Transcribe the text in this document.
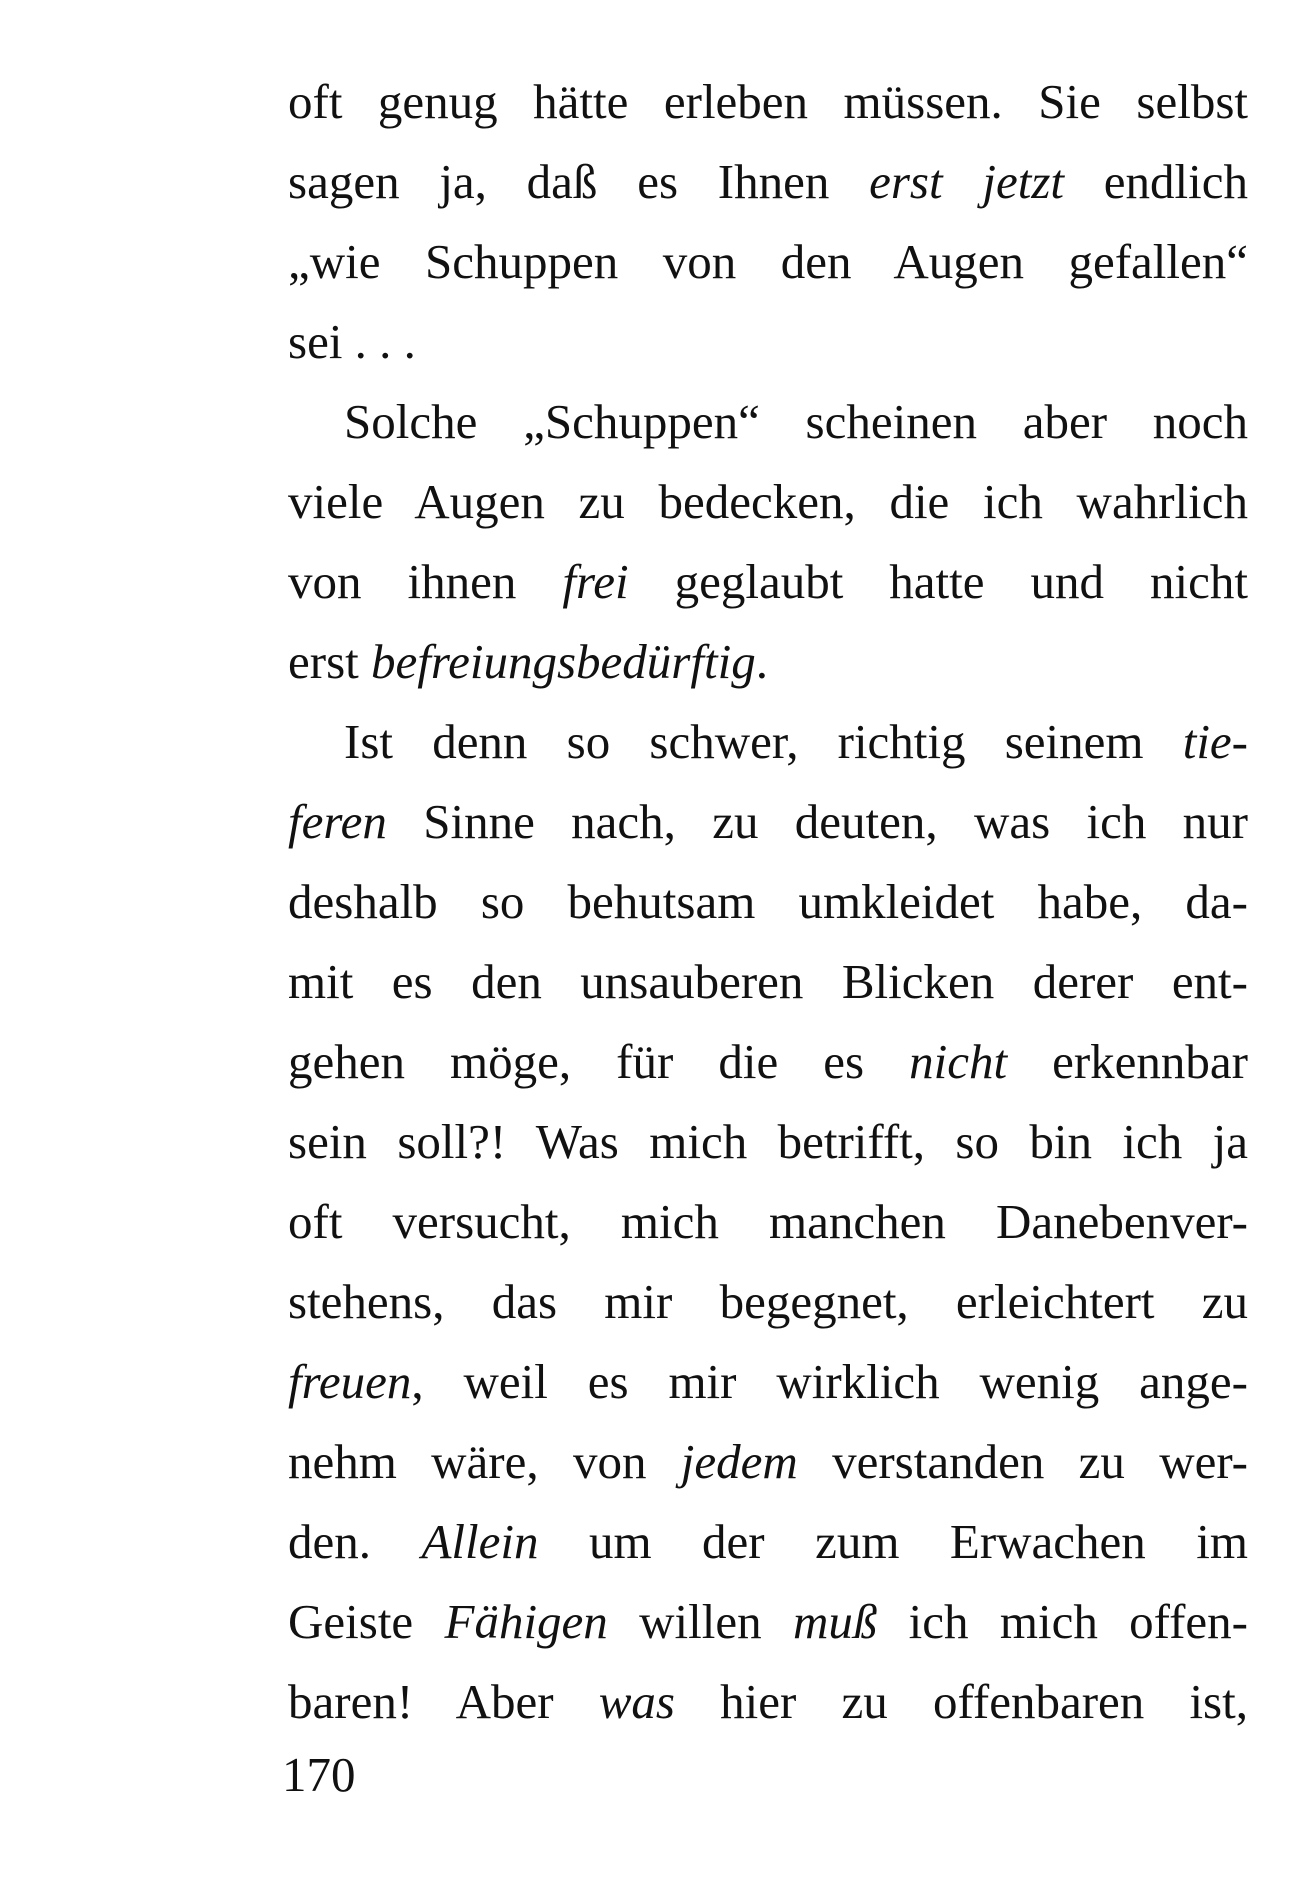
oft genug hätte erleben müssen. Sie selbst
sagen ja, daß es Ihnen erst jetzt endlich
„wie Schuppen von den Augen gefallen“
sei . . .
Solche „Schuppen“ scheinen aber noch
viele Augen zu bedecken, die ich wahrlich
von ihnen frei geglaubt hatte und nicht
erst befreiungsbedürftig.
Ist denn so schwer, richtig seinem tie-
feren Sinne nach, zu deuten, was ich nur
deshalb so behutsam umkleidet habe, da-
mit es den unsauberen Blicken derer ent-
gehen möge, für die es nicht erkennbar
sein soll?! Was mich betrifft, so bin ich ja
oft versucht, mich manchen Danebenver-
stehens, das mir begegnet, erleichtert zu
freuen, weil es mir wirklich wenig ange-
nehm wäre, von jedem verstanden zu wer-
den. Allein um der zum Erwachen im
Geiste Fähigen willen muß ich mich offen-
baren! Aber was hier zu offenbaren ist,
170
